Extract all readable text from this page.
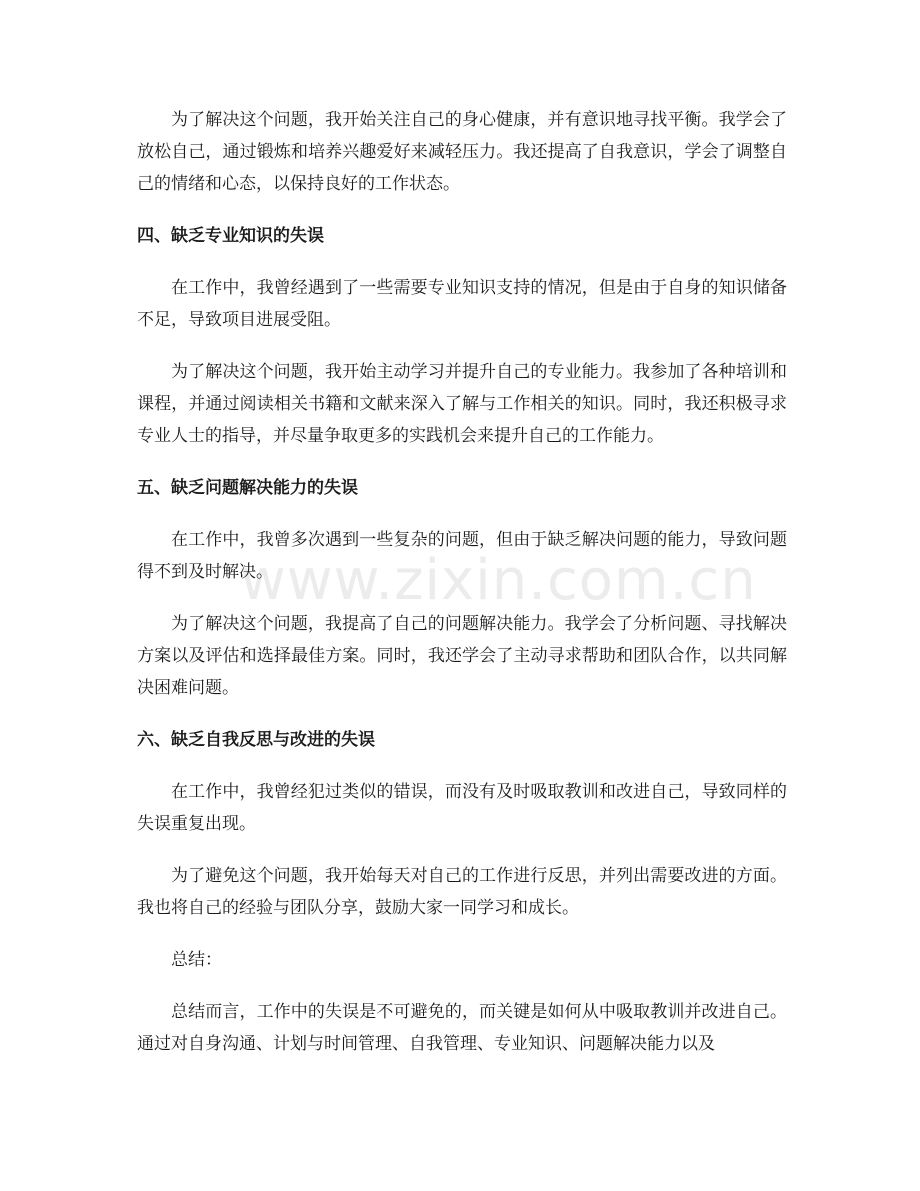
www.zixin.com.cn

为了解决这个问题，我开始关注自己的身心健康，并有意识地寻找平衡。我学会了放松自己，通过锻炼和培养兴趣爱好来减轻压力。我还提高了自我意识，学会了调整自己的情绪和心态，以保持良好的工作状态。

四、缺乏专业知识的失误

在工作中，我曾经遇到了一些需要专业知识支持的情况，但是由于自身的知识储备不足，导致项目进展受阻。

为了解决这个问题，我开始主动学习并提升自己的专业能力。我参加了各种培训和课程，并通过阅读相关书籍和文献来深入了解与工作相关的知识。同时，我还积极寻求专业人士的指导，并尽量争取更多的实践机会来提升自己的工作能力。

五、缺乏问题解决能力的失误

在工作中，我曾多次遇到一些复杂的问题，但由于缺乏解决问题的能力，导致问题得不到及时解决。

为了解决这个问题，我提高了自己的问题解决能力。我学会了分析问题、寻找解决方案以及评估和选择最佳方案。同时，我还学会了主动寻求帮助和团队合作，以共同解决困难问题。

六、缺乏自我反思与改进的失误

在工作中，我曾经犯过类似的错误，而没有及时吸取教训和改进自己，导致同样的失误重复出现。

为了避免这个问题，我开始每天对自己的工作进行反思，并列出需要改进的方面。我也将自己的经验与团队分享，鼓励大家一同学习和成长。

总结：

总结而言，工作中的失误是不可避免的，而关键是如何从中吸取教训并改进自己。通过对自身沟通、计划与时间管理、自我管理、专业知识、问题解决能力以及
